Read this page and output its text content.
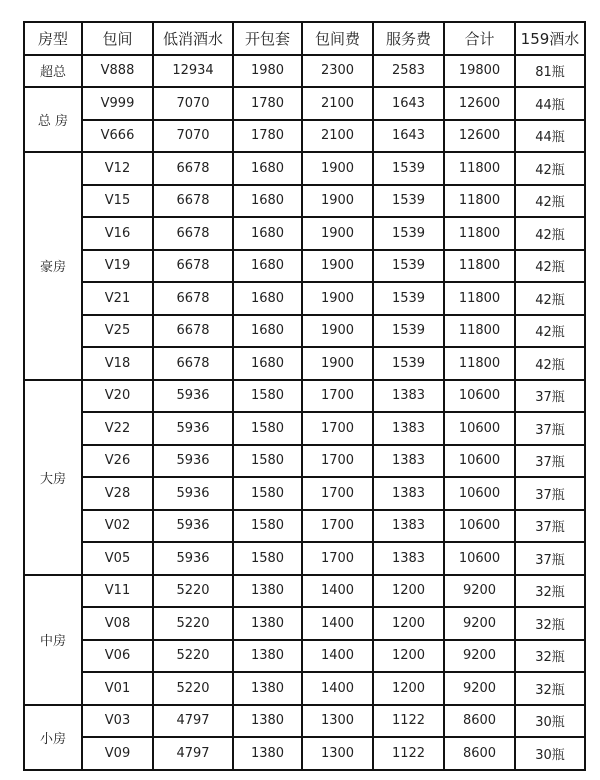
房型	包间	低消酒水	开包套	包间费	服务费	合计	159酒水
超总	V888	12934	1980	2300	2583	19800	81瓶
总 房	V999	7070	1780	2100	1643	12600	44瓶
	V666	7070	1780	2100	1643	12600	44瓶
豪房	V12	6678	1680	1900	1539	11800	42瓶
	V15	6678	1680	1900	1539	11800	42瓶
	V16	6678	1680	1900	1539	11800	42瓶
	V19	6678	1680	1900	1539	11800	42瓶
	V21	6678	1680	1900	1539	11800	42瓶
	V25	6678	1680	1900	1539	11800	42瓶
	V18	6678	1680	1900	1539	11800	42瓶
大房	V20	5936	1580	1700	1383	10600	37瓶
	V22	5936	1580	1700	1383	10600	37瓶
	V26	5936	1580	1700	1383	10600	37瓶
	V28	5936	1580	1700	1383	10600	37瓶
	V02	5936	1580	1700	1383	10600	37瓶
	V05	5936	1580	1700	1383	10600	37瓶
中房	V11	5220	1380	1400	1200	9200	32瓶
	V08	5220	1380	1400	1200	9200	32瓶
	V06	5220	1380	1400	1200	9200	32瓶
	V01	5220	1380	1400	1200	9200	32瓶
小房	V03	4797	1380	1300	1122	8600	30瓶
	V09	4797	1380	1300	1122	8600	30瓶
